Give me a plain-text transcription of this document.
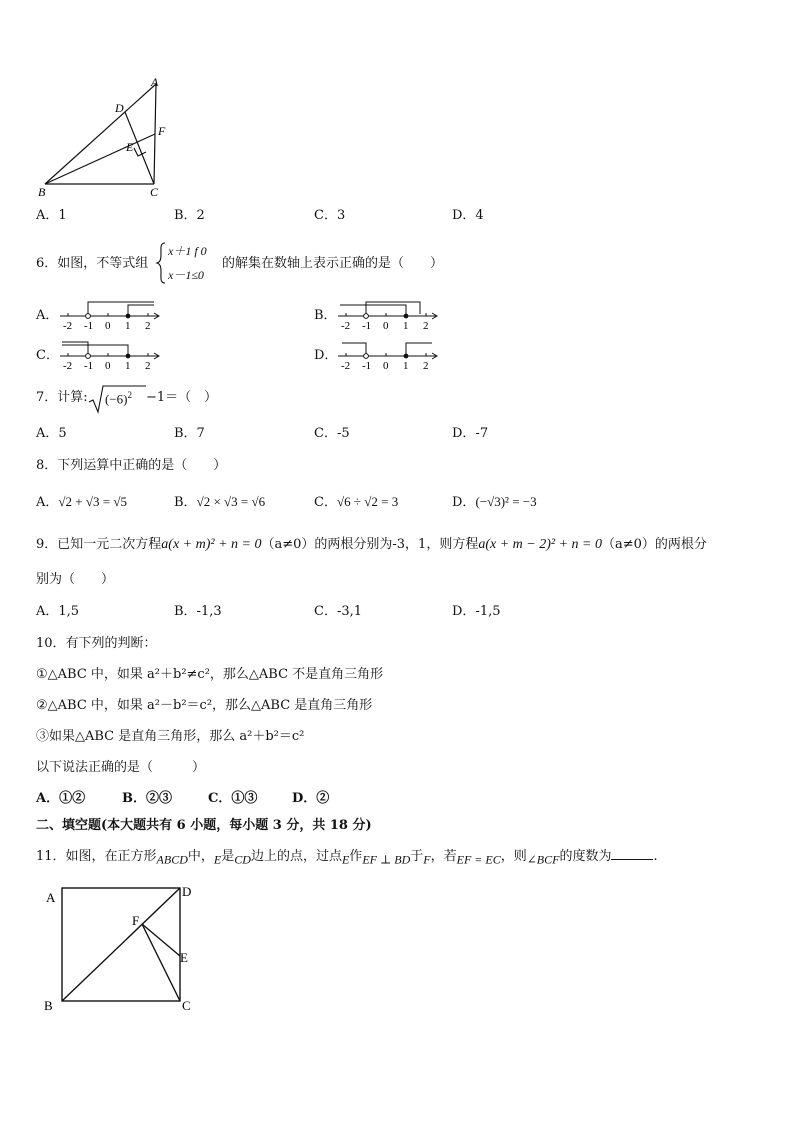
A
D
F
E
B	C
A．1	B．2	C．3	D．4
6．如图，不等式组
x＋1 f 0
x－1≤0
的解集在数轴上表示正确的是（　　）
A．
-2 -1 0 1 2
B．
-2 -1 0 1 2
C．
-2 -1 0 1 2
D．
-2 -1 0 1 2
7．计算: $(-6)^2 -1=$（　）
A．5	B．7	C．-5	D．-7
8．下列运算中正确的是（　　）
A．√2 + √3 = √5	B．√2 × √3 = √6	C．√6 ÷ √2 = 3	D．(−√3)² = −3
9．已知一元二次方程a(x + m)² + n = 0（a≠0）的两根分别为-3，1，则方程a(x + m − 2)² + n = 0（a≠0）的两根分
别为（　　）
A．1,5	B．-1,3	C．-3,1	D．-1,5
10．有下列的判断：
①△ABC 中，如果 a²＋b²≠c²，那么△ABC 不是直角三角形
②△ABC 中，如果 a²－b²＝c²，那么△ABC 是直角三角形
③如果△ABC 是直角三角形，那么 a²＋b²＝c²
以下说法正确的是（　　　）
A．①②	B．②③	C．①③	D．②
二、填空题(本大题共有 6 小题，每小题 3 分，共 18 分)
11．如图，在正方形$_{ABCD}$中，$_E$是$_{CD}$边上的点，过点$_E$作$_{EF \perp BD}$于$_F$，若$_{EF = EC}$，则$_{\angle BCF}$的度数为	.
A	D
F
E
B	C
